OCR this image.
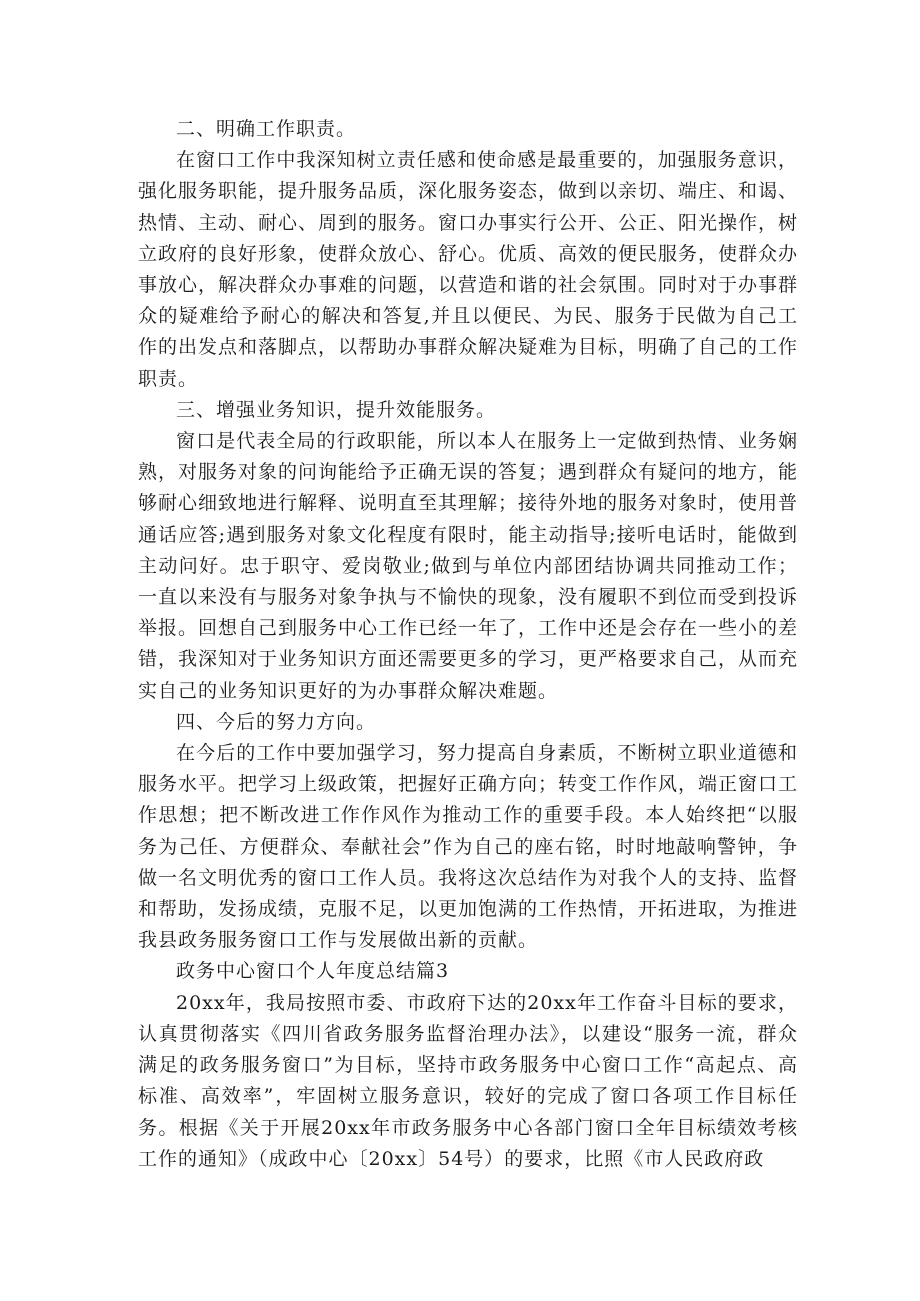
二、明确工作职责。

在窗口工作中我深知树立责任感和使命感是最重要的，加强服务意识，强化服务职能，提升服务品质，深化服务姿态，做到以亲切、端庄、和谒、热情、主动、耐心、周到的服务。窗口办事实行公开、公正、阳光操作，树立政府的良好形象，使群众放心、舒心。优质、高效的便民服务，使群众办事放心，解决群众办事难的问题，以营造和谐的社会氛围。同时对于办事群众的疑难给予耐心的解决和答复,并且以便民、为民、服务于民做为自己工作的出发点和落脚点，以帮助办事群众解决疑难为目标，明确了自己的工作职责。

三、增强业务知识，提升效能服务。

窗口是代表全局的行政职能，所以本人在服务上一定做到热情、业务娴熟，对服务对象的问询能给予正确无误的答复；遇到群众有疑问的地方，能够耐心细致地进行解释、说明直至其理解；接待外地的服务对象时，使用普通话应答;遇到服务对象文化程度有限时，能主动指导;接听电话时，能做到主动问好。忠于职守、爱岗敬业;做到与单位内部团结协调共同推动工作；一直以来没有与服务对象争执与不愉快的现象，没有履职不到位而受到投诉举报。回想自己到服务中心工作已经一年了，工作中还是会存在一些小的差错，我深知对于业务知识方面还需要更多的学习，更严格要求自己，从而充实自己的业务知识更好的为办事群众解决难题。

四、今后的努力方向。

在今后的工作中要加强学习，努力提高自身素质，不断树立职业道德和服务水平。把学习上级政策，把握好正确方向；转变工作作风，端正窗口工作思想；把不断改进工作作风作为推动工作的重要手段。本人始终把“以服务为己任、方便群众、奉献社会”作为自己的座右铭，时时地敲响警钟，争做一名文明优秀的窗口工作人员。我将这次总结作为对我个人的支持、监督和帮助，发扬成绩，克服不足，以更加饱满的工作热情，开拓进取，为推进我县政务服务窗口工作与发展做出新的贡献。

政务中心窗口个人年度总结篇3

20xx年，我局按照市委、市政府下达的20xx年工作奋斗目标的要求，认真贯彻落实《四川省政务服务监督治理办法》，以建设“服务一流，群众满足的政务服务窗口”为目标，坚持市政务服务中心窗口工作“高起点、高标准、高效率”，牢固树立服务意识，较好的完成了窗口各项工作目标任务。根据《关于开展20xx年市政务服务中心各部门窗口全年目标绩效考核工作的通知》（成政中心〔20xx〕54号）的要求，比照《市人民政府政
